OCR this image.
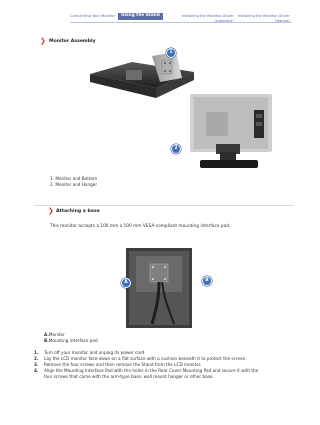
Connecting Your Monitor	Using the Stand	Installing the Monitor Driver
(Automatic)
Installing the Monitor Driver
(Manual)
❯ Monitor Assembly
1
2
1. Monitor and Bottom
2. Monitor and Hanger
❯ Attaching a base
This monitor accepts a 100 mm x 100 mm VESA-compliant mounting interface pad.
A	B
A.Monitor
B.Mounting interface pad
1. Turn off your monitor and unplug its power cord.
2. Lay the LCD monitor face-down on a flat surface with a cushion beneath it to protect the screen.
3. Remove the four screws and then remove the Stand from the LCD monitor.
4. Align the Mounting Interface Pad with the holes in the Rear Cover Mounting Pad and secure it with the
four screws that came with the arm-type base, wall mount hanger or other base.
